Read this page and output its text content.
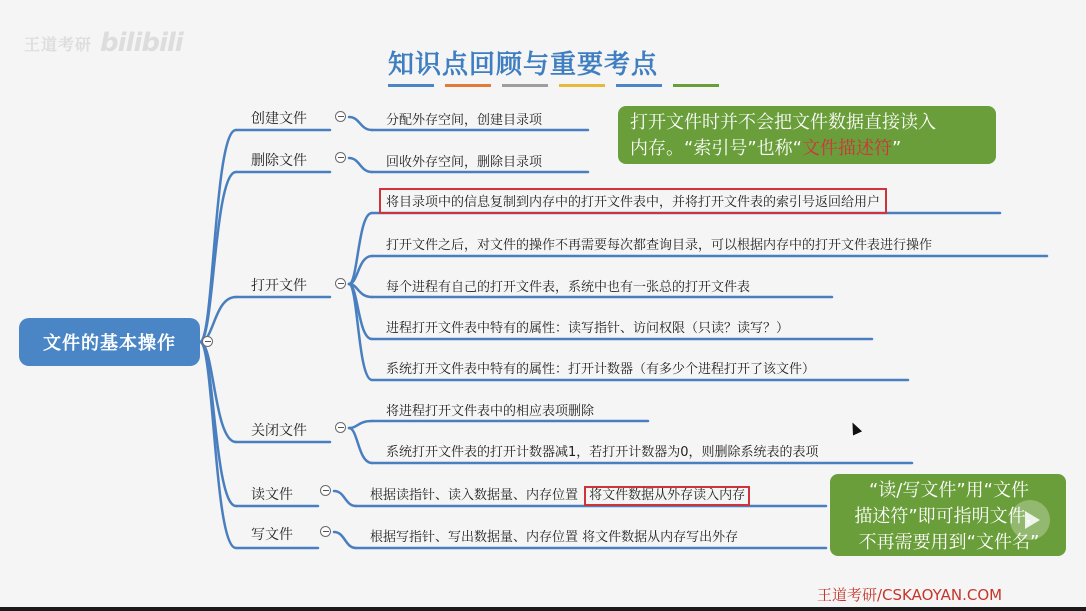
王道考研 bilibili
知识点回顾与重要考点
文件的基本操作
创建文件	分配外存空间，创建目录项
删除文件	回收外存空间，删除目录项
打开文件
将目录项中的信息复制到内存中的打开文件表中，并将打开文件表的索引号返回给用户
打开文件之后，对文件的操作不再需要每次都查询目录，可以根据内存中的打开文件表进行操作
每个进程有自己的打开文件表，系统中也有一张总的打开文件表
进程打开文件表中特有的属性：读写指针、访问权限（只读？读写？）
系统打开文件表中特有的属性：打开计数器（有多少个进程打开了该文件）
关闭文件
将进程打开文件表中的相应表项删除
系统打开文件表的打开计数器减1，若打开计数器为0，则删除系统表的表项
读文件	根据读指针、读入数据量、内存位置 将文件数据从外存读入内存
写文件	根据写指针、写出数据量、内存位置 将文件数据从内存写出外存
打开文件时并不会把文件数据直接读入
内存。“索引号”也称“文件描述符”
“读/写文件”用“文件
描述符”即可指明文件，
不再需要用到“文件名”
王道考研/CSKAOYAN.COM
